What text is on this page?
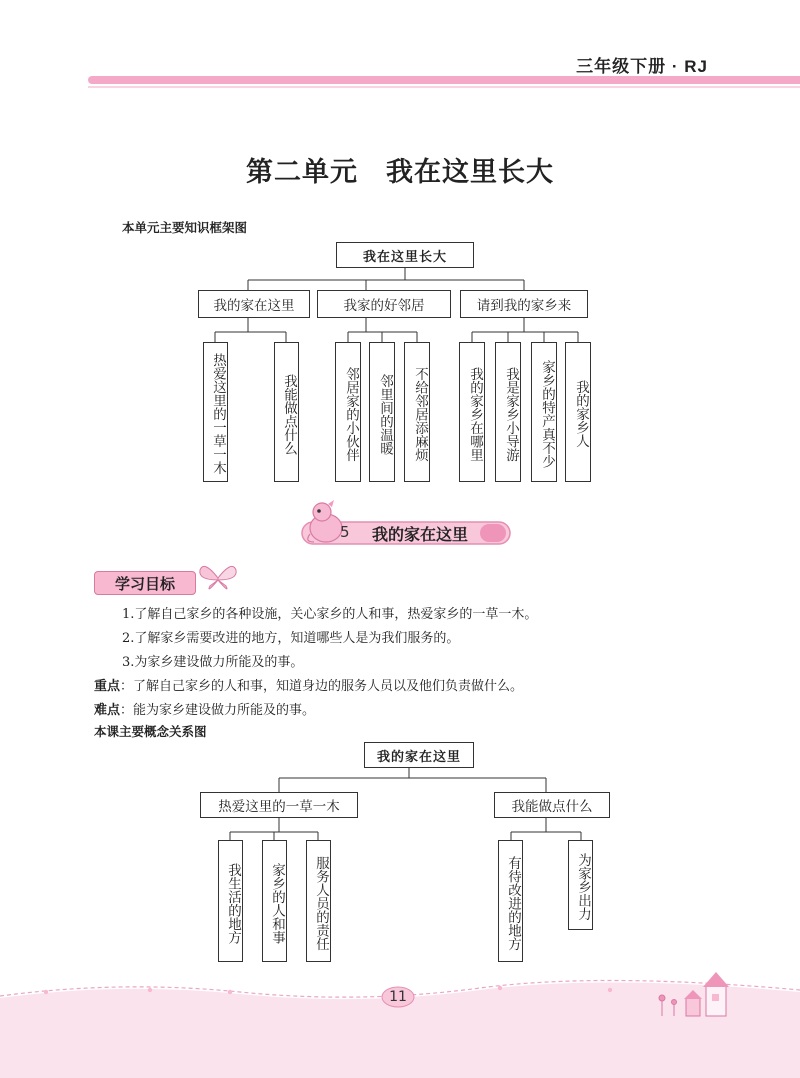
三年级下册 · RJ
第二单元　我在这里长大
本单元主要知识框架图
我在这里长大
我的家在这里	我家的好邻居	请到我的家乡来
热爱这里的一草一木	我能做点什么	邻居家的小伙伴	邻里间的温暖	不给邻居添麻烦	我的家乡在哪里	我是家乡小导游	家乡的特产真不少	我的家乡人
5 我的家在这里
学习目标
1.了解自己家乡的各种设施，关心家乡的人和事，热爱家乡的一草一木。
2.了解家乡需要改进的地方，知道哪些人是为我们服务的。
3.为家乡建设做力所能及的事。
重点：了解自己家乡的人和事，知道身边的服务人员以及他们负责做什么。
难点：能为家乡建设做力所能及的事。
本课主要概念关系图
我的家在这里
热爱这里的一草一木	我能做点什么
我生活的地方	家乡的人和事	服务人员的责任	有待改进的地方	为家乡出力
11
